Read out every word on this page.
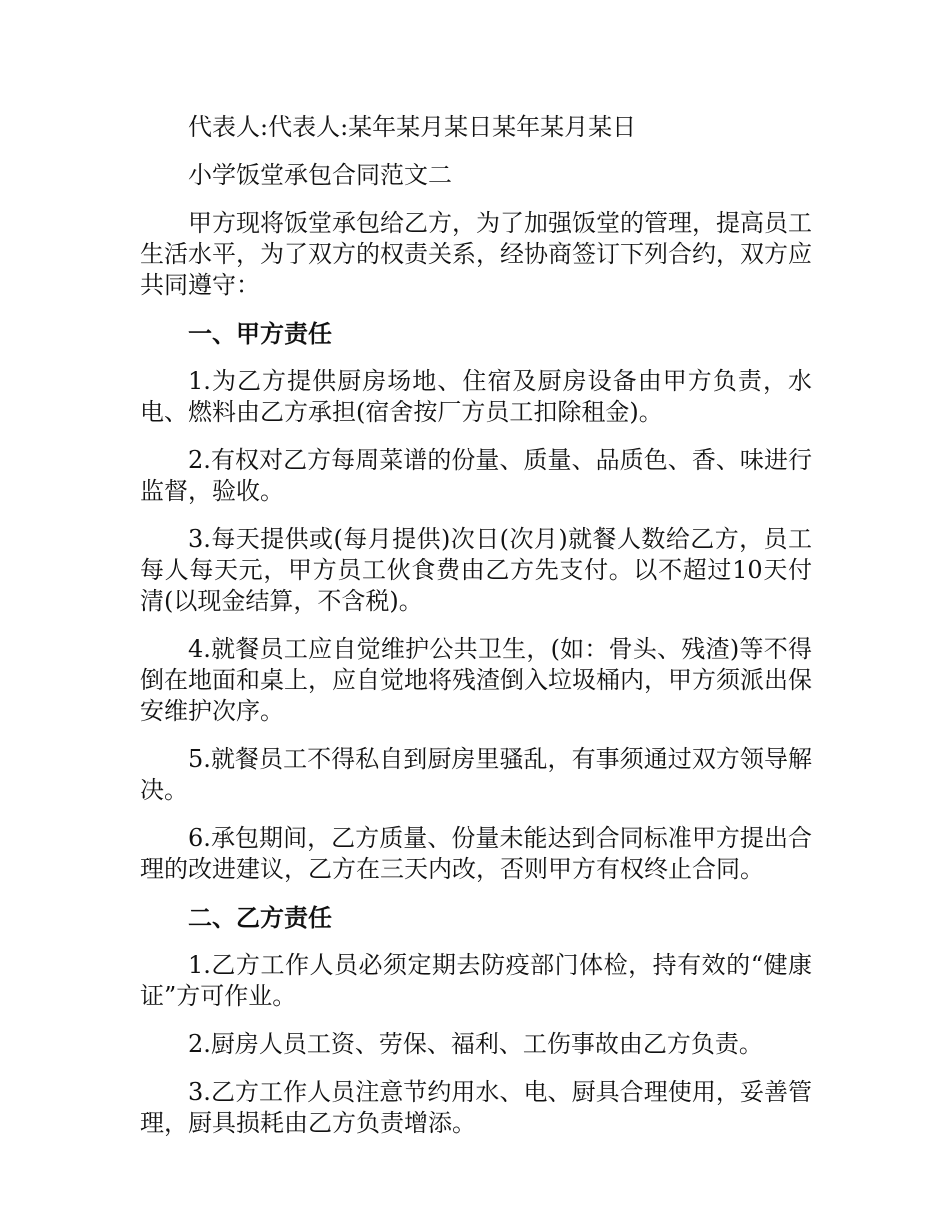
代表人:代表人:某年某月某日某年某月某日

小学饭堂承包合同范文二

甲方现将饭堂承包给乙方，为了加强饭堂的管理，提高员工生活水平，为了双方的权责关系，经协商签订下列合约，双方应共同遵守：

一、甲方责任

1.为乙方提供厨房场地、住宿及厨房设备由甲方负责，水电、燃料由乙方承担(宿舍按厂方员工扣除租金)。

2.有权对乙方每周菜谱的份量、质量、品质色、香、味进行监督，验收。

3.每天提供或(每月提供)次日(次月)就餐人数给乙方，员工每人每天元，甲方员工伙食费由乙方先支付。以不超过10天付清(以现金结算，不含税)。

4.就餐员工应自觉维护公共卫生，(如：骨头、残渣)等不得倒在地面和桌上，应自觉地将残渣倒入垃圾桶内，甲方须派出保安维护次序。

5.就餐员工不得私自到厨房里骚乱，有事须通过双方领导解决。

6.承包期间，乙方质量、份量未能达到合同标准甲方提出合理的改进建议，乙方在三天内改，否则甲方有权终止合同。

二、乙方责任

1.乙方工作人员必须定期去防疫部门体检，持有效的“健康证”方可作业。

2.厨房人员工资、劳保、福利、工伤事故由乙方负责。

3.乙方工作人员注意节约用水、电、厨具合理使用，妥善管理，厨具损耗由乙方负责增添。
